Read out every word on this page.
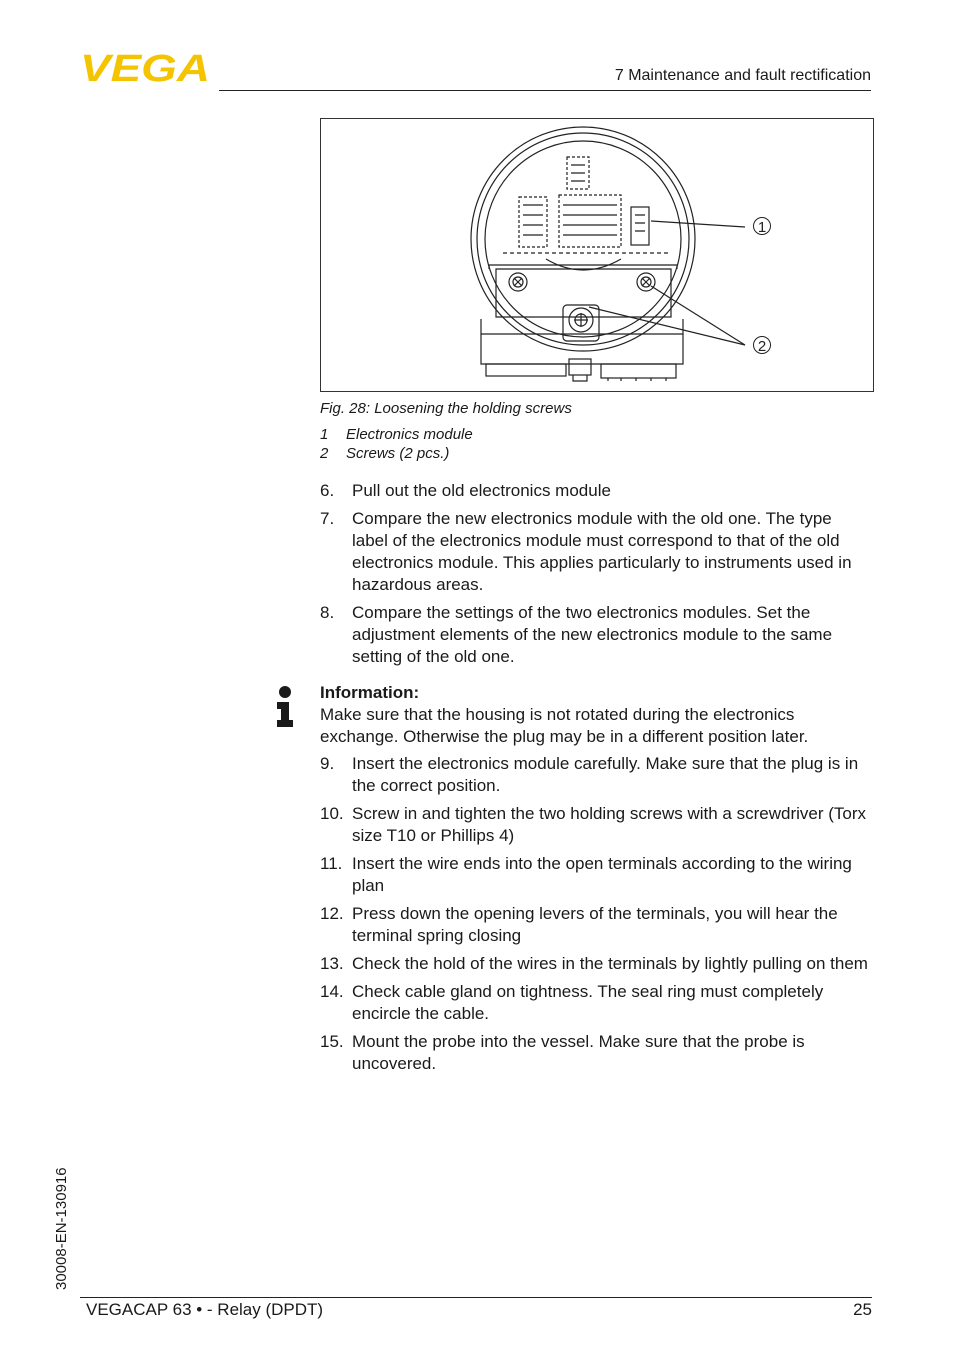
VEGA	7 Maintenance and fault rectification
1
2
Fig. 28: Loosening the holding screws
1	Electronics module
2	Screws (2 pcs.)
6.	Pull out the old electronics module
7.	Compare the new electronics module with the old one. The type label of the electronics module must correspond to that of the old electronics module. This applies particularly to instruments used in hazardous areas.
8.	Compare the settings of the two electronics modules. Set the adjustment elements of the new electronics module to the same setting of the old one.
Information:
Make sure that the housing is not rotated during the electronics exchange. Otherwise the plug may be in a different position later.
9.	Insert the electronics module carefully. Make sure that the plug is in the correct position.
10. Screw in and tighten the two holding screws with a screwdriver (Torx size T10 or Phillips 4)
11. Insert the wire ends into the open terminals according to the wiring plan
12. Press down the opening levers of the terminals, you will hear the terminal spring closing
13. Check the hold of the wires in the terminals by lightly pulling on them
14. Check cable gland on tightness. The seal ring must completely encircle the cable.
15. Mount the probe into the vessel. Make sure that the probe is uncovered.
30008-EN-130916
VEGACAP 63 • - Relay (DPDT)	25
